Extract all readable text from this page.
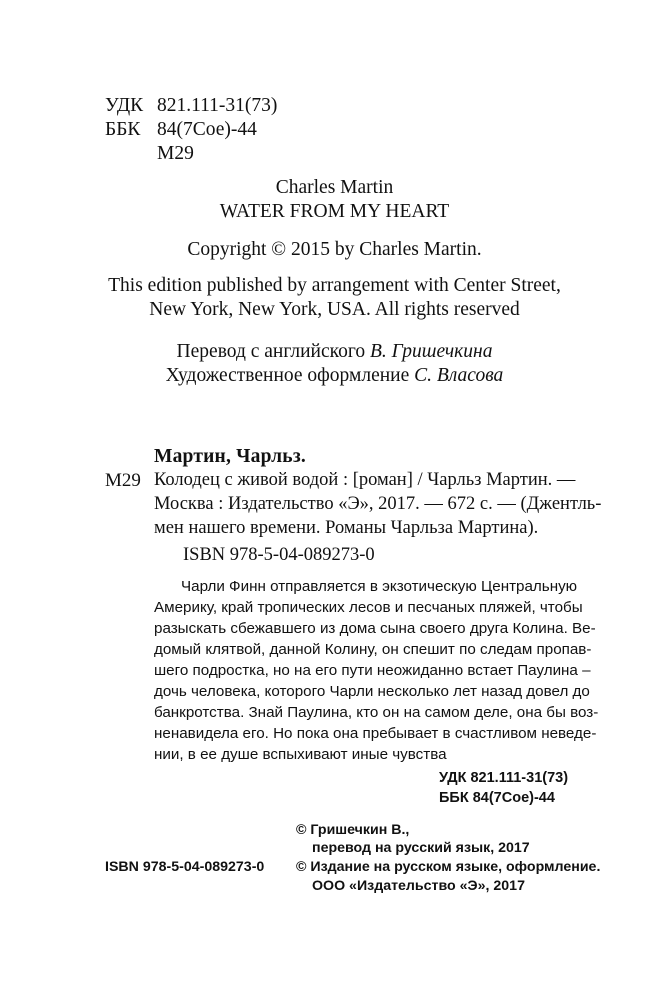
УДК 821.111-31(73)
ББК 84(7Сое)-44
М29
Charles Martin
WATER FROM MY HEART
Copyright © 2015 by Charles Martin.
This edition published by arrangement with Center Street,
New York, New York, USA. All rights reserved
Перевод с английского В. Гришечкина
Художественное оформление С. Власова
Мартин, Чарльз.
М29 Колодец с живой водой : [роман] / Чарльз Мартин. —
Москва : Издательство «Э», 2017. — 672 с. — (Джентль-
мен нашего времени. Романы Чарльза Мартина).
ISBN 978-5-04-089273-0
Чарли Финн отправляется в экзотическую Центральную
Америку, край тропических лесов и песчаных пляжей, чтобы
разыскать сбежавшего из дома сына своего друга Колина. Ве-
домый клятвой, данной Колину, он спешит по следам пропав-
шего подростка, но на его пути неожиданно встает Паулина –
дочь человека, которого Чарли несколько лет назад довел до
банкротства. Знай Паулина, кто он на самом деле, она бы воз-
ненавидела его. Но пока она пребывает в счастливом неведе-
нии, в ее душе вспыхивают иные чувства
УДК 821.111-31(73)
ББК 84(7Сое)-44
© Гришечкин В.,
перевод на русский язык, 2017
© Издание на русском языке, оформление.
ООО «Издательство «Э», 2017
ISBN 978-5-04-089273-0
